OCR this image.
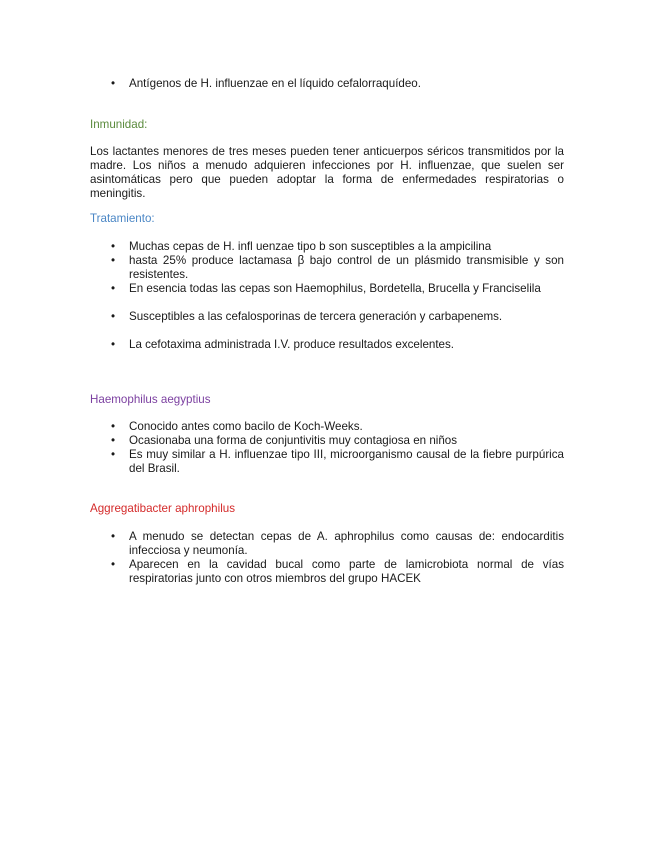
• Antígenos de H. influenzae en el líquido cefalorraquídeo.
Inmunidad:

Los lactantes menores de tres meses pueden tener anticuerpos séricos transmitidos por la madre. Los niños a menudo adquieren infecciones por H. influenzae, que suelen ser asintomáticas pero que pueden adoptar la forma de enfermedades respiratorias o meningitis.

Tratamiento:
• Muchas cepas de H. infl uenzae tipo b son susceptibles a la ampicilina
• hasta 25% produce lactamasa β bajo control de un plásmido transmisible y son resistentes.
• En esencia todas las cepas son Haemophilus, Bordetella, Brucella y Franciselila
• Susceptibles a las cefalosporinas de tercera generación y carbapenems.
• La cefotaxima administrada I.V. produce resultados excelentes.
Haemophilus aegyptius
• Conocido antes como bacilo de Koch-Weeks.
• Ocasionaba una forma de conjuntivitis muy contagiosa en niños
• Es muy similar a H. influenzae tipo III, microorganismo causal de la fiebre purpúrica del Brasil.
Aggregatibacter aphrophilus
• A menudo se detectan cepas de A. aphrophilus como causas de: endocarditis infecciosa y neumonía.
• Aparecen en la cavidad bucal como parte de lamicrobiota normal de vías respiratorias junto con otros miembros del grupo HACEK
